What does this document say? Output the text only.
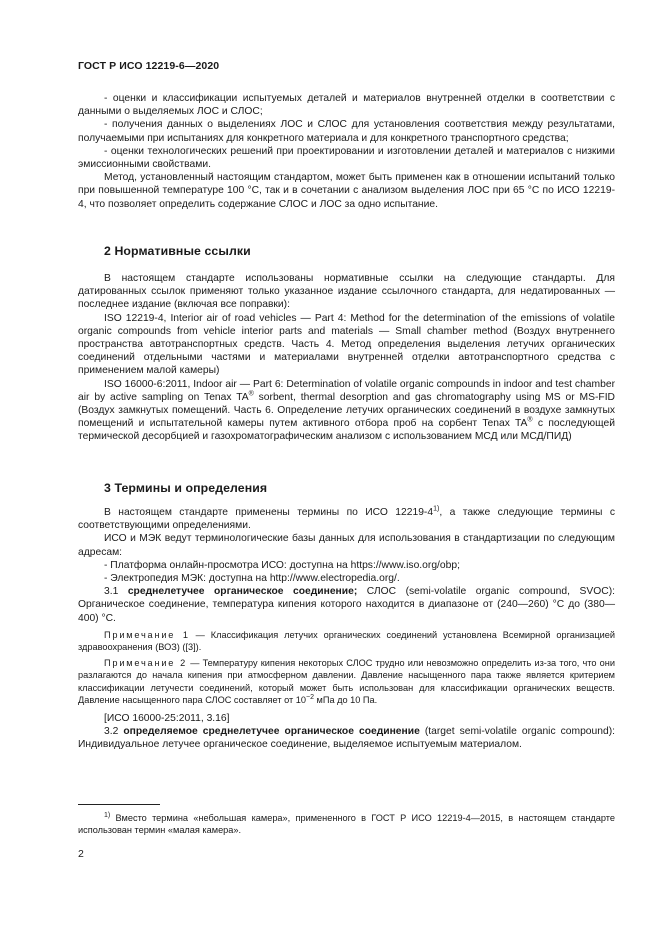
ГОСТ Р ИСО 12219-6—2020

- оценки и классификации испытуемых деталей и материалов внутренней отделки в соответствии с данными о выделяемых ЛОС и СЛОС;

- получения данных о выделениях ЛОС и СЛОС для установления соответствия между результатами, получаемыми при испытаниях для конкретного материала и для конкретного транспортного средства;

- оценки технологических решений при проектировании и изготовлении деталей и материалов с низкими эмиссионными свойствами.

Метод, установленный настоящим стандартом, может быть применен как в отношении испытаний только при повышенной температуре 100 °С, так и в сочетании с анализом выделения ЛОС при 65 °С по ИСО 12219-4, что позволяет определить содержание СЛОС и ЛОС за одно испытание.

2 Нормативные ссылки

В настоящем стандарте использованы нормативные ссылки на следующие стандарты. Для датированных ссылок применяют только указанное издание ссылочного стандарта, для недатированных — последнее издание (включая все поправки):

ISO 12219-4, Interior air of road vehicles — Part 4: Method for the determination of the emissions of volatile organic compounds from vehicle interior parts and materials — Small chamber method (Воздух внутреннего пространства автотранспортных средств. Часть 4. Метод определения выделения летучих органических соединений отдельными частями и материалами внутренней отделки автотранспортного средства с применением малой камеры)

ISO 16000-6:2011, Indoor air — Part 6: Determination of volatile organic compounds in indoor and test chamber air by active sampling on Tenax TA® sorbent, thermal desorption and gas chromatography using MS or MS-FID (Воздух замкнутых помещений. Часть 6. Определение летучих органических соединений в воздухе замкнутых помещений и испытательной камеры путем активного отбора проб на сорбент Tenax TA® с последующей термической десорбцией и газохроматографическим анализом с использованием МСД или МСД/ПИД)

3 Термины и определения

В настоящем стандарте применены термины по ИСО 12219-4$^{1)}$, а также следующие термины с соответствующими определениями.

ИСО и МЭК ведут терминологические базы данных для использования в стандартизации по следующим адресам:

- Платформа онлайн-просмотра ИСО: доступна на https://www.iso.org/obp;

- Электропедия МЭК: доступна на http://www.electropedia.org/.

3.1 среднелетучее органическое соединение; СЛОС (semi-volatile organic compound, SVOC): Органическое соединение, температура кипения которого находится в диапазоне от (240—260) °С до (380—400) °С.

Примечание 1 — Классификация летучих органических соединений установлена Всемирной организацией здравоохранения (ВОЗ) ([3]).

Примечание 2 — Температуру кипения некоторых СЛОС трудно или невозможно определить из-за того, что они разлагаются до начала кипения при атмосферном давлении. Давление насыщенного пара также является критерием классификации летучести соединений, который может быть использован для классификации органических веществ. Давление насыщенного пара СЛОС составляет от $10^{-2}$ мПа до 10 Па.

[ИСО 16000-25:2011, 3.16]

3.2 определяемое среднелетучее органическое соединение (target semi-volatile organic compound): Индивидуальное летучее органическое соединение, выделяемое испытуемым материалом.

$^{1)}$ Вместо термина «небольшая камера», примененного в ГОСТ Р ИСО 12219-4—2015, в настоящем стандарте использован термин «малая камера».
2
